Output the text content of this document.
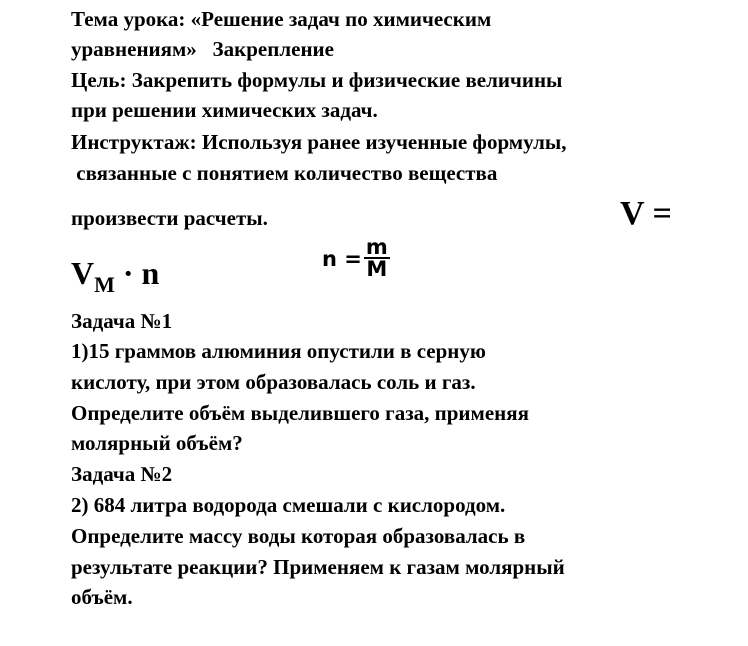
Тема урока: «Решение задач по химическим
уравнениям»   Закрепление
Цель: Закрепить формулы и физические величины
при решении химических задач.
Инструктаж: Используя ранее изученные формулы,
связанные с понятием количество вещества
произвести расчеты.	V =
$V_M \cdot n$	$n = \frac{m}{M}$
Задача №1
1)15 граммов алюминия опустили в серную
кислоту, при этом образовалась соль и газ.
Определите объём выделившего газа, применяя
молярный объём?
Задача №2
2) 684 литра водорода смешали с кислородом.
Определите массу воды которая образовалась в
результате реакции? Применяем к газам молярный
объём.
